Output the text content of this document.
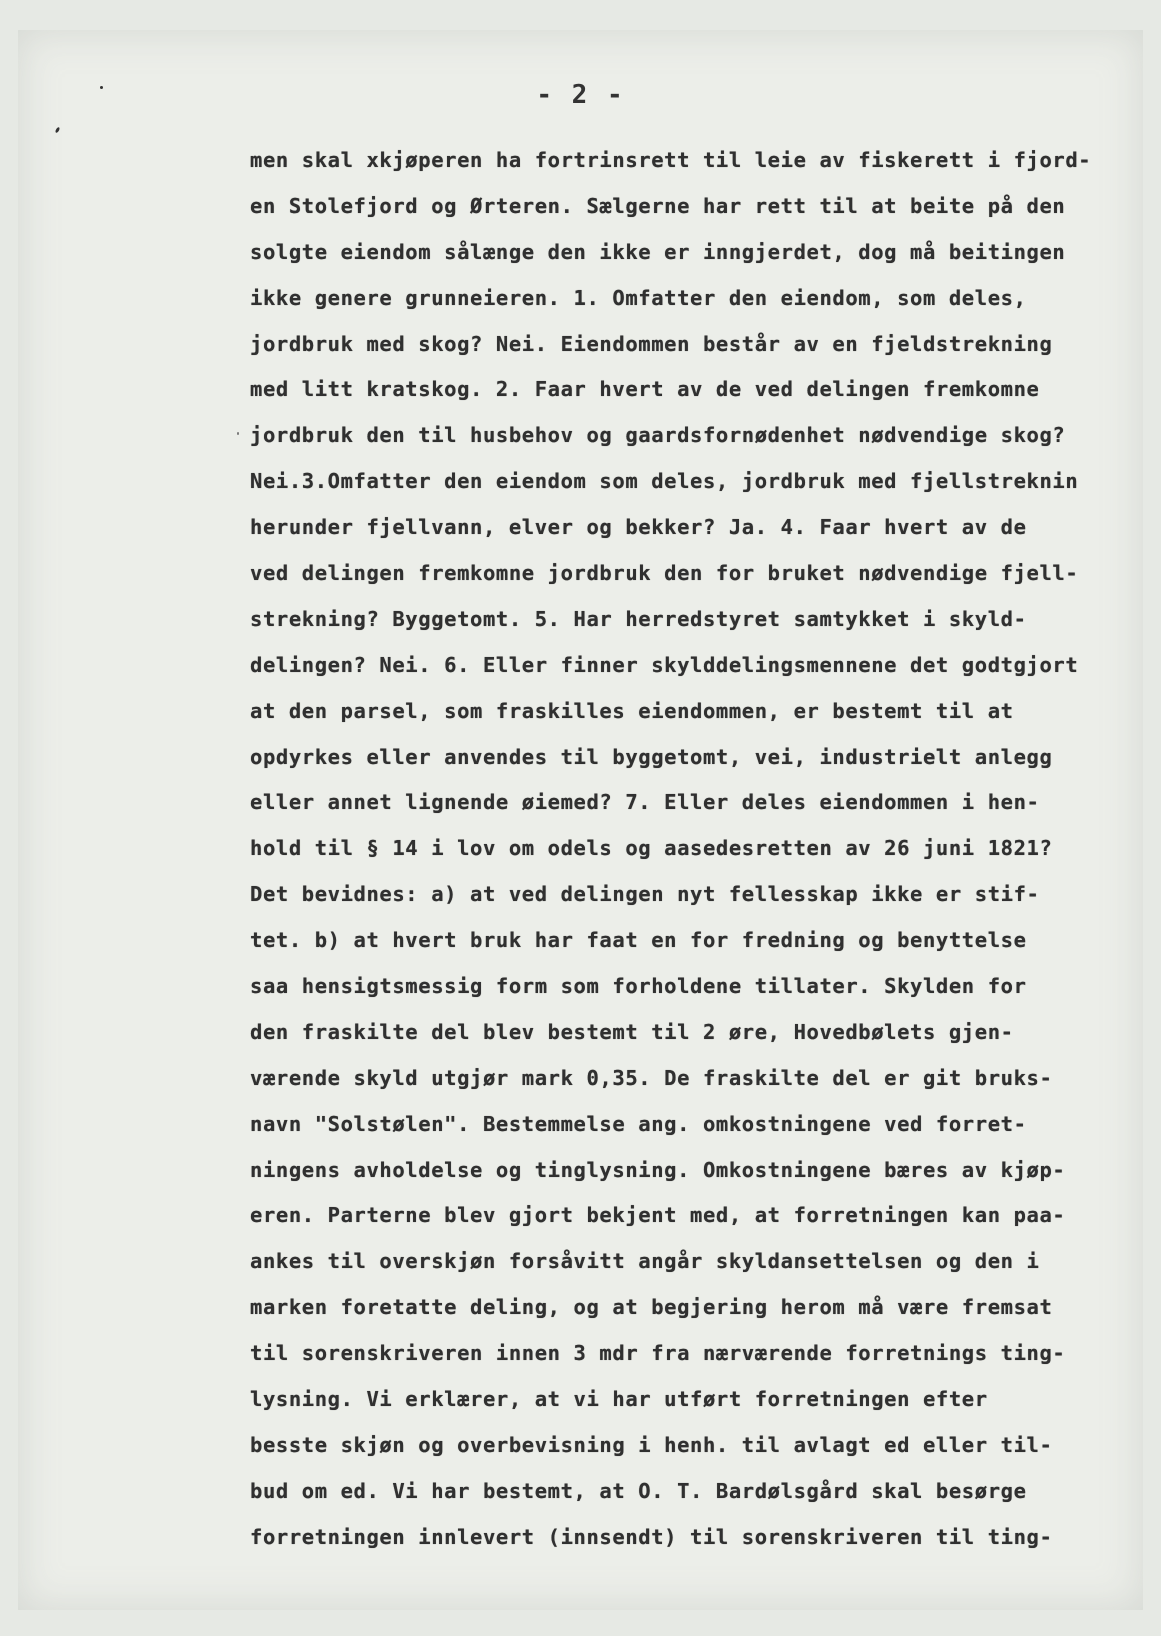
- 2 -
men skal xkjøperen ha fortrinsrett til leie av fiskerett i fjord-
en Stolefjord og Ørteren. Sælgerne har rett til at beite på den
solgte eiendom sålænge den ikke er inngjerdet, dog må beitingen
ikke genere grunneieren. 1. Omfatter den eiendom, som deles,
jordbruk med skog? Nei. Eiendommen består av en fjeldstrekning
med litt kratskog. 2. Faar hvert av de ved delingen fremkomne
jordbruk den til husbehov og gaardsfornødenhet nødvendige skog?
Nei.3.Omfatter den eiendom som deles, jordbruk med fjellstreknin
herunder fjellvann, elver og bekker? Ja. 4. Faar hvert av de
ved delingen fremkomne jordbruk den for bruket nødvendige fjell-
strekning? Byggetomt. 5. Har herredstyret samtykket i skyld-
delingen? Nei. 6. Eller finner skylddelingsmennene det godtgjort
at den parsel, som fraskilles eiendommen, er bestemt til at
opdyrkes eller anvendes til byggetomt, vei, industrielt anlegg
eller annet lignende øiemed? 7. Eller deles eiendommen i hen-
hold til § 14 i lov om odels og aasedesretten av 26 juni 1821?
Det bevidnes: a) at ved delingen nyt fellesskap ikke er stif-
tet. b) at hvert bruk har faat en for fredning og benyttelse
saa hensigtsmessig form som forholdene tillater. Skylden for
den fraskilte del blev bestemt til 2 øre, Hovedbølets gjen-
værende skyld utgjør mark 0,35. De fraskilte del er git bruks-
navn "Solstølen". Bestemmelse ang. omkostningene ved forret-
ningens avholdelse og tinglysning. Omkostningene bæres av kjøp-
eren. Parterne blev gjort bekjent med, at forretningen kan paa-
ankes til overskjøn forsåvitt angår skyldansettelsen og den i
marken foretatte deling, og at begjering herom må være fremsat
til sorenskriveren innen 3 mdr fra nærværende forretnings ting-
lysning. Vi erklærer, at vi har utført forretningen efter
besste skjøn og overbevisning i henh. til avlagt ed eller til-
bud om ed. Vi har bestemt, at O. T. Bardølsgård skal besørge
forretningen innlevert (innsendt) til sorenskriveren til ting-
